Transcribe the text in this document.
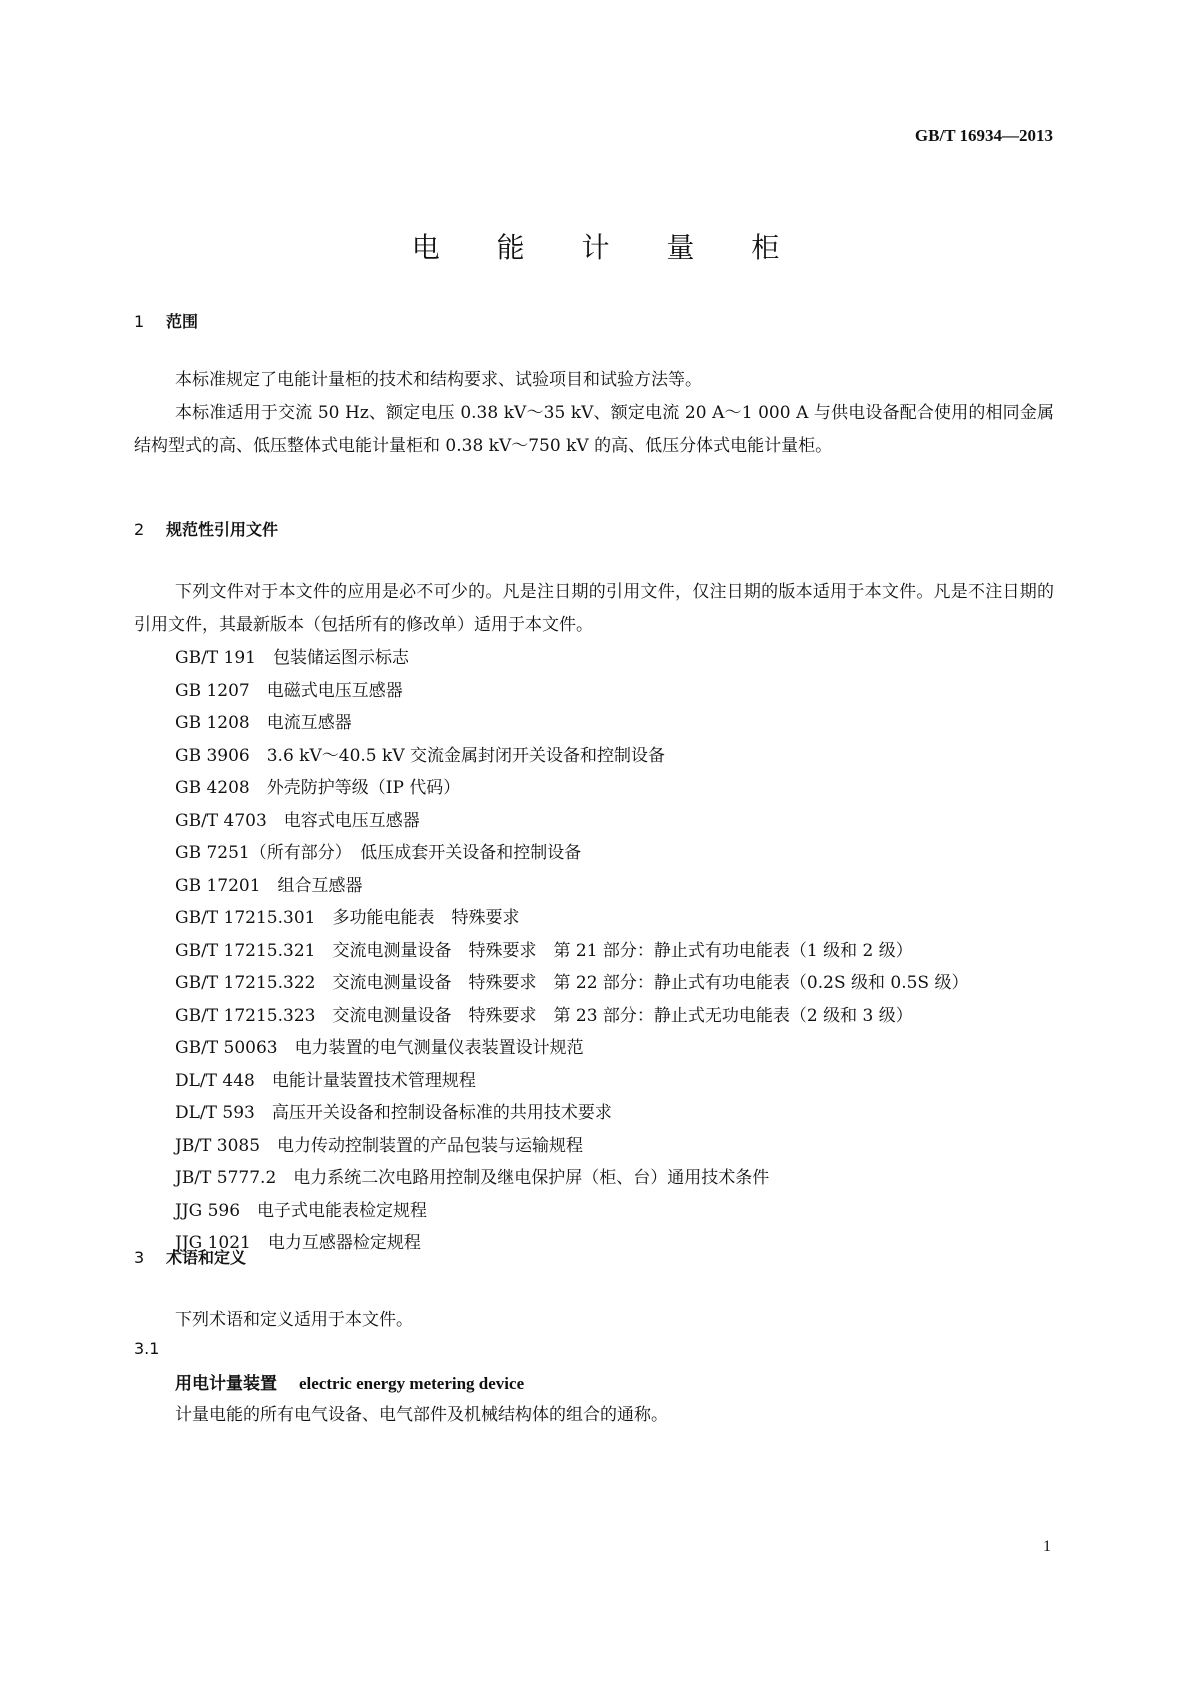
GB/T 16934—2013
电 能 计 量 柜
1 范围
本标准规定了电能计量柜的技术和结构要求、试验项目和试验方法等。
本标准适用于交流 50 Hz、额定电压 0.38 kV～35 kV、额定电流 20 A～1 000 A 与供电设备配合使用的相同金属结构型式的高、低压整体式电能计量柜和 0.38 kV～750 kV 的高、低压分体式电能计量柜。
2 规范性引用文件
下列文件对于本文件的应用是必不可少的。凡是注日期的引用文件，仅注日期的版本适用于本文件。凡是不注日期的引用文件，其最新版本（包括所有的修改单）适用于本文件。
GB/T 191　包装储运图示标志
GB 1207　电磁式电压互感器
GB 1208　电流互感器
GB 3906　3.6 kV～40.5 kV 交流金属封闭开关设备和控制设备
GB 4208　外壳防护等级（IP 代码）
GB/T 4703　电容式电压互感器
GB 7251（所有部分）　低压成套开关设备和控制设备
GB 17201　组合互感器
GB/T 17215.301　多功能电能表　特殊要求
GB/T 17215.321　交流电测量设备　特殊要求　第 21 部分：静止式有功电能表（1 级和 2 级）
GB/T 17215.322　交流电测量设备　特殊要求　第 22 部分：静止式有功电能表（0.2S 级和 0.5S 级）
GB/T 17215.323　交流电测量设备　特殊要求　第 23 部分：静止式无功电能表（2 级和 3 级）
GB/T 50063　电力装置的电气测量仪表装置设计规范
DL/T 448　电能计量装置技术管理规程
DL/T 593　高压开关设备和控制设备标准的共用技术要求
JB/T 3085　电力传动控制装置的产品包装与运输规程
JB/T 5777.2　电力系统二次电路用控制及继电保护屏（柜、台）通用技术条件
JJG 596　电子式电能表检定规程
JJG 1021　电力互感器检定规程
3 术语和定义
下列术语和定义适用于本文件。
3.1
用电计量装置 electric energy metering device
计量电能的所有电气设备、电气部件及机械结构体的组合的通称。
1
